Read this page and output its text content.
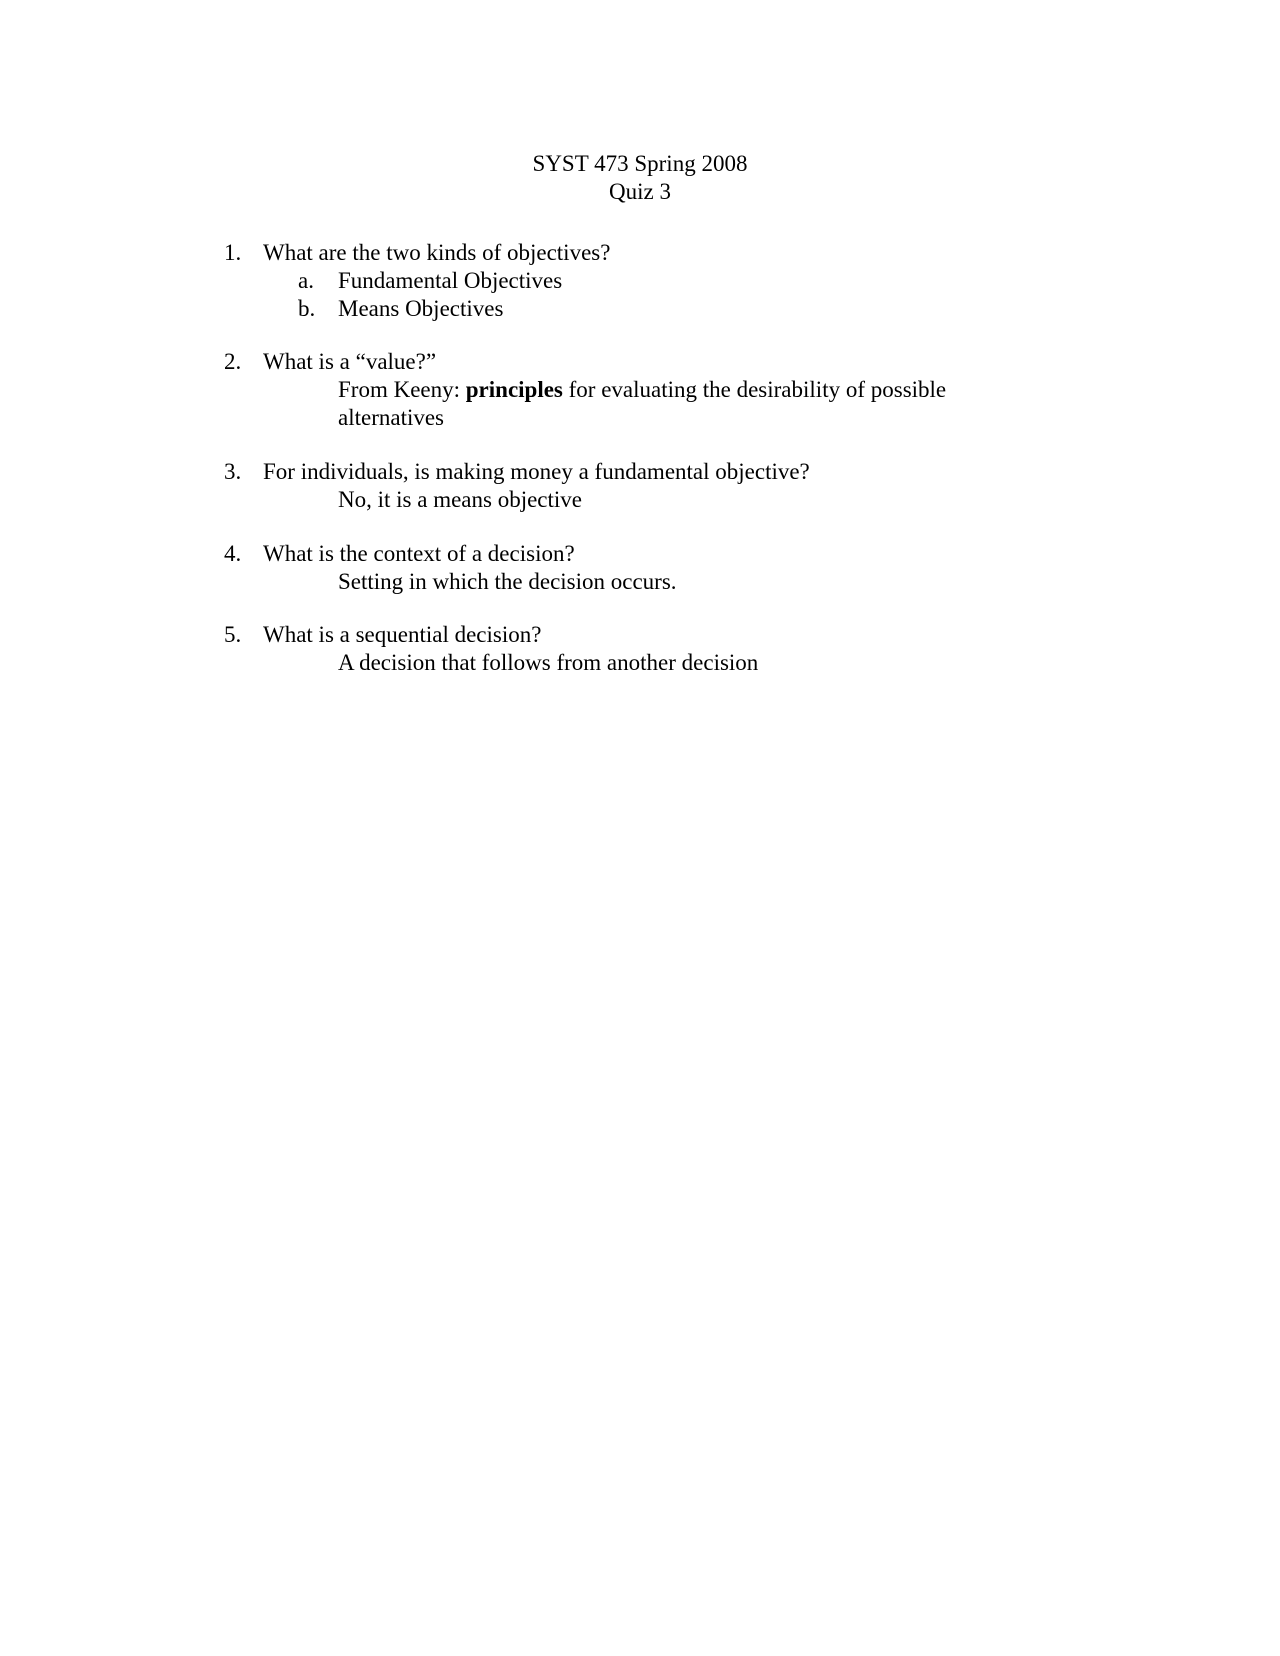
SYST 473 Spring 2008
Quiz 3
1. What are the two kinds of objectives?
a. Fundamental Objectives
b. Means Objectives
2. What is a “value?”
From Keeny: principles for evaluating the desirability of possible alternatives
3. For individuals, is making money a fundamental objective?
No, it is a means objective
4. What is the context of a decision?
Setting in which the decision occurs.
5. What is a sequential decision?
A decision that follows from another decision
